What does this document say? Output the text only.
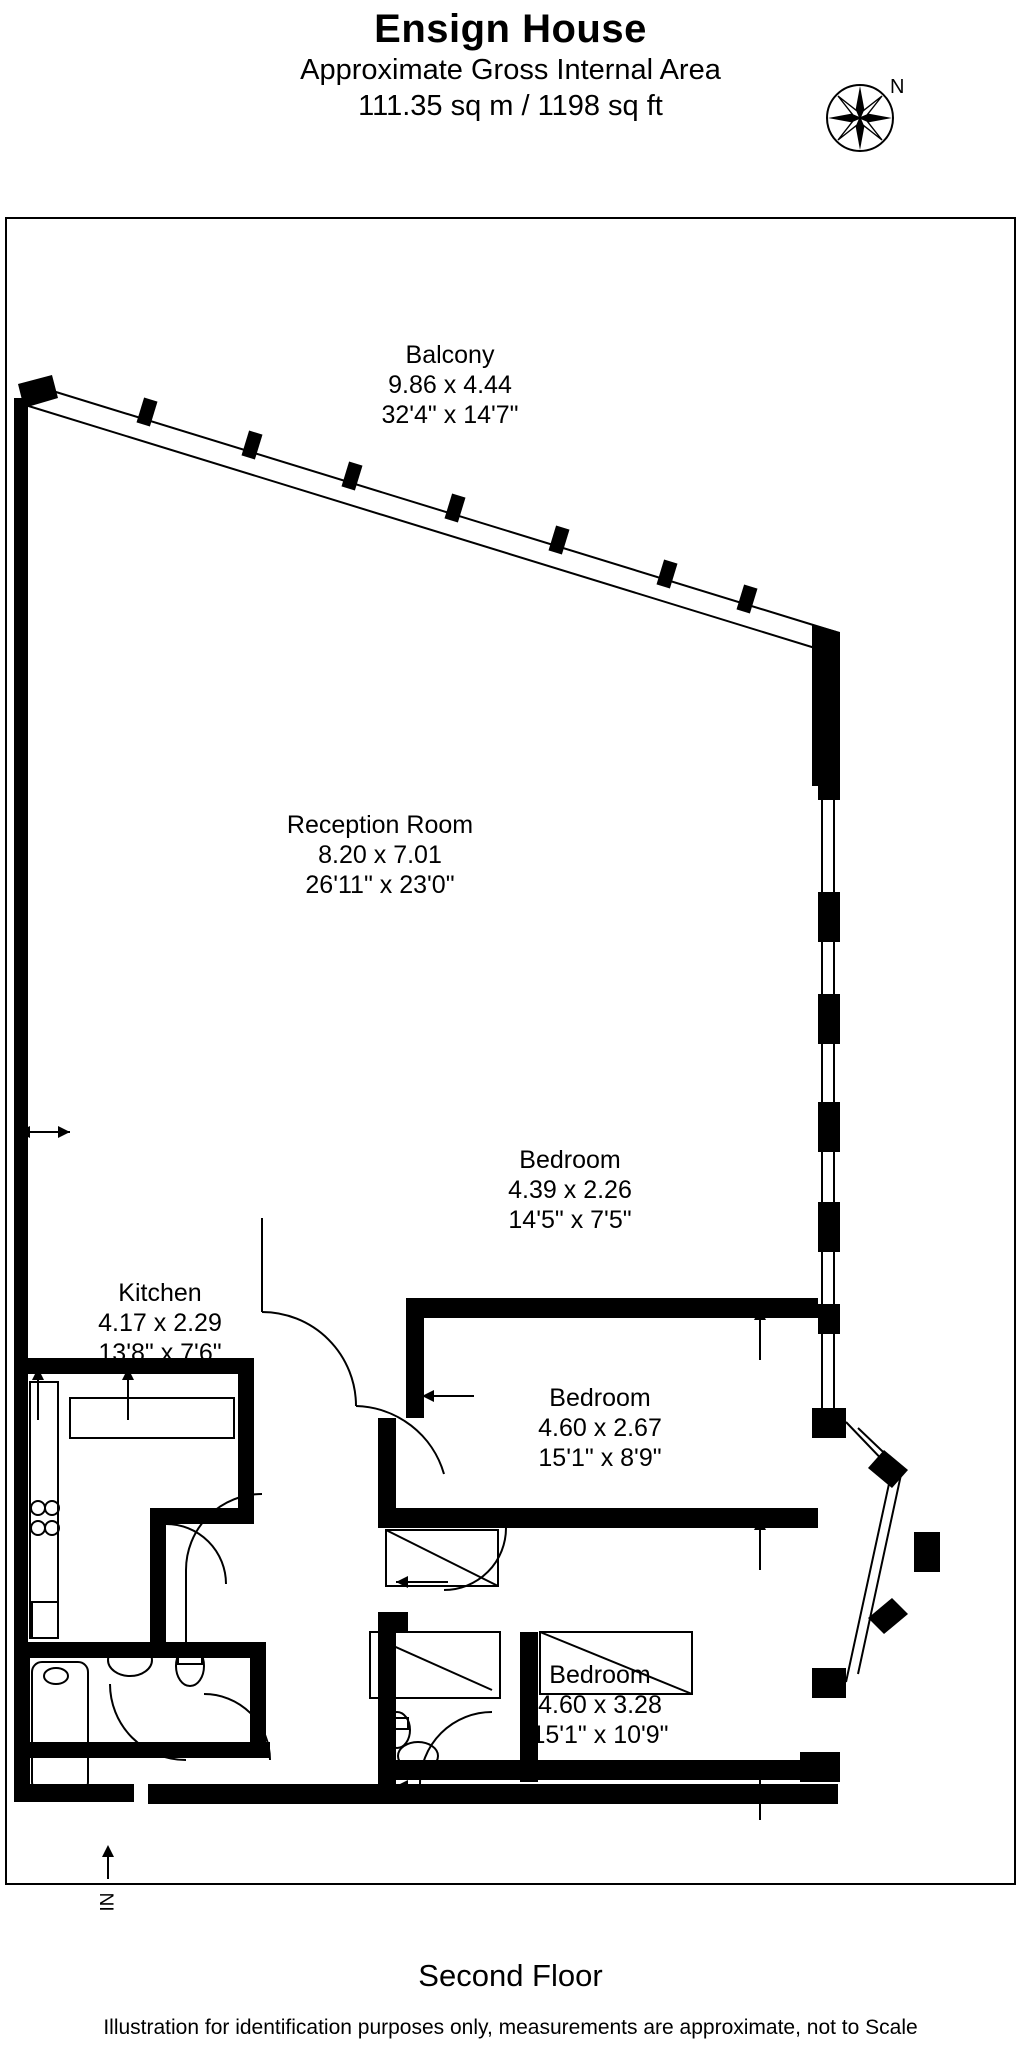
Ensign House
Approximate Gross Internal Area
111.35 sq m / 1198 sq ft
N
Balcony
9.86 x 4.44
32'4" x 14'7"
Reception Room
8.20 x 7.01
26'11" x 23'0"
Bedroom
4.39 x 2.26
14'5" x 7'5"
Kitchen
4.17 x 2.29
13'8" x 7'6"
Bedroom
4.60 x 2.67
15'1" x 8'9"
Bedroom
4.60 x 3.28
15'1" x 10'9"
IN
Second Floor
Illustration for identification purposes only, measurements are approximate, not to Scale
